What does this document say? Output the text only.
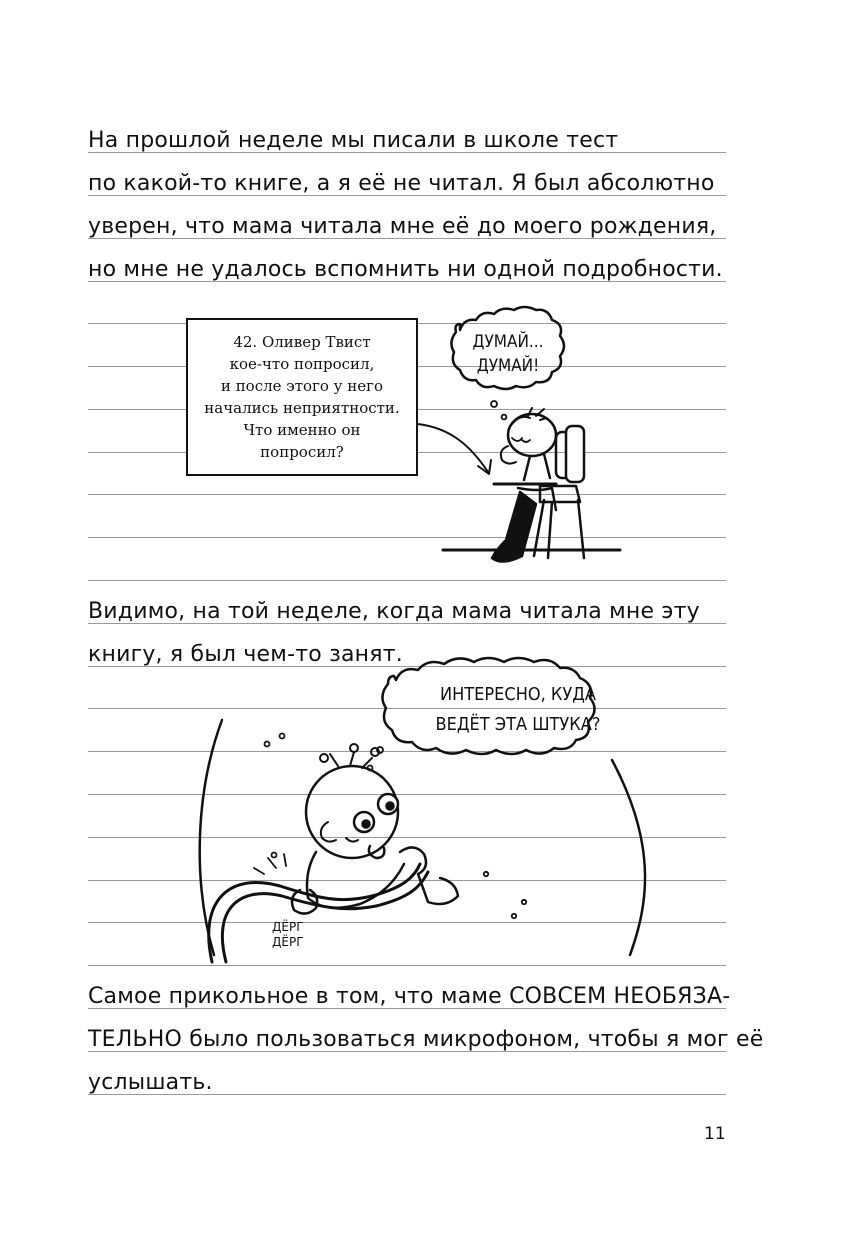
На прошлой неделе мы писали в школе тест
по какой-то книге, а я её не читал. Я был абсолютно
уверен, что мама читала мне её до моего рождения,
но мне не удалось вспомнить ни одной подробности.
Видимо, на той неделе, когда мама читала мне эту
книгу, я был чем-то занят.
Самое прикольное в том, что маме СОВСЕМ НЕОБЯЗА-
ТЕЛЬНО было пользоваться микрофоном, чтобы я мог её
услышать.
42. Оливер Твист
кое-что попросил,
и после этого у него
начались неприятности.
Что именно он
попросил?
ДУМАЙ...
ДУМАЙ!
ИНТЕРЕСНО, КУДА
ВЕДЁТ ЭТА ШТУКА?
ДЁРГ
ДЁРГ
11
